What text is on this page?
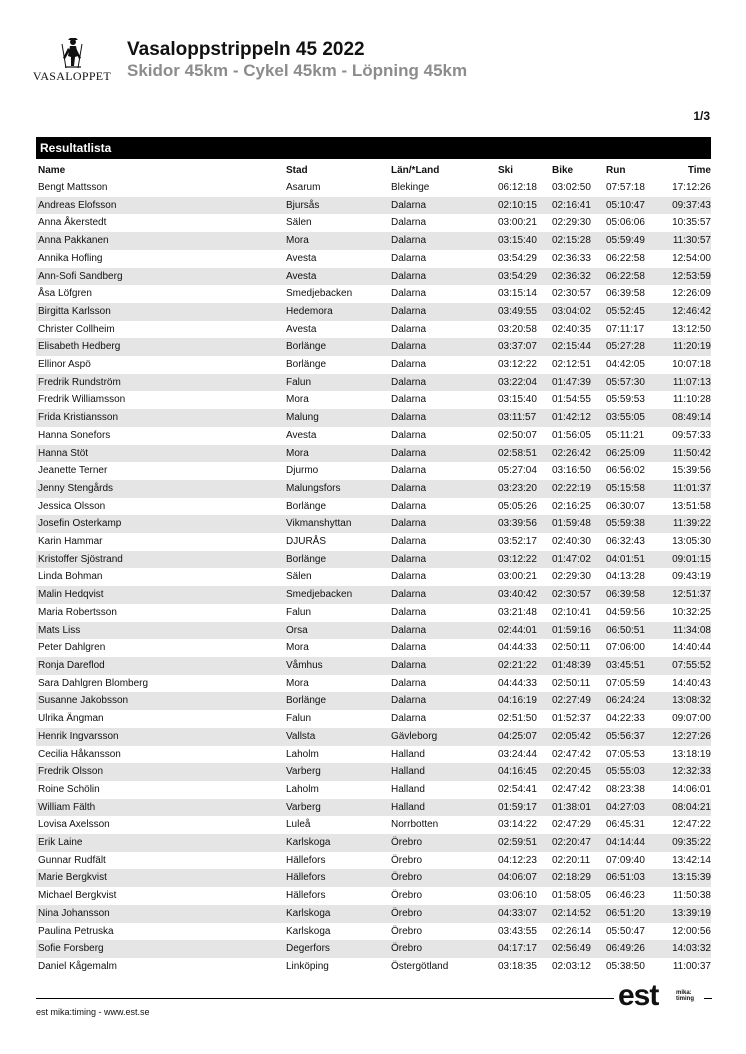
VASALOPPET
Vasaloppstrippeln 45 2022
Skidor 45km - Cykel 45km - Löpning 45km
1/3
Resultatlista
Name	Stad	Län/*Land	Ski	Bike	Run	Time
Bengt Mattsson	Asarum	Blekinge	06:12:18	03:02:50	07:57:18	17:12:26
Andreas Elofsson	Bjursås	Dalarna	02:10:15	02:16:41	05:10:47	09:37:43
Anna Åkerstedt	Sälen	Dalarna	03:00:21	02:29:30	05:06:06	10:35:57
Anna Pakkanen	Mora	Dalarna	03:15:40	02:15:28	05:59:49	11:30:57
Annika Hofling	Avesta	Dalarna	03:54:29	02:36:33	06:22:58	12:54:00
Ann-Sofi Sandberg	Avesta	Dalarna	03:54:29	02:36:32	06:22:58	12:53:59
Åsa Löfgren	Smedjebacken	Dalarna	03:15:14	02:30:57	06:39:58	12:26:09
Birgitta Karlsson	Hedemora	Dalarna	03:49:55	03:04:02	05:52:45	12:46:42
Christer Collheim	Avesta	Dalarna	03:20:58	02:40:35	07:11:17	13:12:50
Elisabeth Hedberg	Borlänge	Dalarna	03:37:07	02:15:44	05:27:28	11:20:19
Ellinor Aspö	Borlänge	Dalarna	03:12:22	02:12:51	04:42:05	10:07:18
Fredrik Rundström	Falun	Dalarna	03:22:04	01:47:39	05:57:30	11:07:13
Fredrik Williamsson	Mora	Dalarna	03:15:40	01:54:55	05:59:53	11:10:28
Frida Kristiansson	Malung	Dalarna	03:11:57	01:42:12	03:55:05	08:49:14
Hanna Sonefors	Avesta	Dalarna	02:50:07	01:56:05	05:11:21	09:57:33
Hanna Stöt	Mora	Dalarna	02:58:51	02:26:42	06:25:09	11:50:42
Jeanette Terner	Djurmo	Dalarna	05:27:04	03:16:50	06:56:02	15:39:56
Jenny Stengårds	Malungsfors	Dalarna	03:23:20	02:22:19	05:15:58	11:01:37
Jessica Olsson	Borlänge	Dalarna	05:05:26	02:16:25	06:30:07	13:51:58
Josefin Osterkamp	Vikmanshyttan	Dalarna	03:39:56	01:59:48	05:59:38	11:39:22
Karin Hammar	DJURÅS	Dalarna	03:52:17	02:40:30	06:32:43	13:05:30
Kristoffer Sjöstrand	Borlänge	Dalarna	03:12:22	01:47:02	04:01:51	09:01:15
Linda Bohman	Sälen	Dalarna	03:00:21	02:29:30	04:13:28	09:43:19
Malin Hedqvist	Smedjebacken	Dalarna	03:40:42	02:30:57	06:39:58	12:51:37
Maria Robertsson	Falun	Dalarna	03:21:48	02:10:41	04:59:56	10:32:25
Mats Liss	Orsa	Dalarna	02:44:01	01:59:16	06:50:51	11:34:08
Peter Dahlgren	Mora	Dalarna	04:44:33	02:50:11	07:06:00	14:40:44
Ronja Dareflod	Våmhus	Dalarna	02:21:22	01:48:39	03:45:51	07:55:52
Sara Dahlgren Blomberg	Mora	Dalarna	04:44:33	02:50:11	07:05:59	14:40:43
Susanne Jakobsson	Borlänge	Dalarna	04:16:19	02:27:49	06:24:24	13:08:32
Ulrika Ängman	Falun	Dalarna	02:51:50	01:52:37	04:22:33	09:07:00
Henrik Ingvarsson	Vallsta	Gävleborg	04:25:07	02:05:42	05:56:37	12:27:26
Cecilia Håkansson	Laholm	Halland	03:24:44	02:47:42	07:05:53	13:18:19
Fredrik Olsson	Varberg	Halland	04:16:45	02:20:45	05:55:03	12:32:33
Roine Schölin	Laholm	Halland	02:54:41	02:47:42	08:23:38	14:06:01
William Fälth	Varberg	Halland	01:59:17	01:38:01	04:27:03	08:04:21
Lovisa Axelsson	Luleå	Norrbotten	03:14:22	02:47:29	06:45:31	12:47:22
Erik Laine	Karlskoga	Örebro	02:59:51	02:20:47	04:14:44	09:35:22
Gunnar Rudfält	Hällefors	Örebro	04:12:23	02:20:11	07:09:40	13:42:14
Marie Bergkvist	Hällefors	Örebro	04:06:07	02:18:29	06:51:03	13:15:39
Michael Bergkvist	Hällefors	Örebro	03:06:10	01:58:05	06:46:23	11:50:38
Nina Johansson	Karlskoga	Örebro	04:33:07	02:14:52	06:51:20	13:39:19
Paulina Petruska	Karlskoga	Örebro	03:43:55	02:26:14	05:50:47	12:00:56
Sofie Forsberg	Degerfors	Örebro	04:17:17	02:56:49	06:49:26	14:03:32
Daniel Kågemalm	Linköping	Östergötland	03:18:35	02:03:12	05:38:50	11:00:37
est mika:timing - www.est.se	est	mika:
timing
